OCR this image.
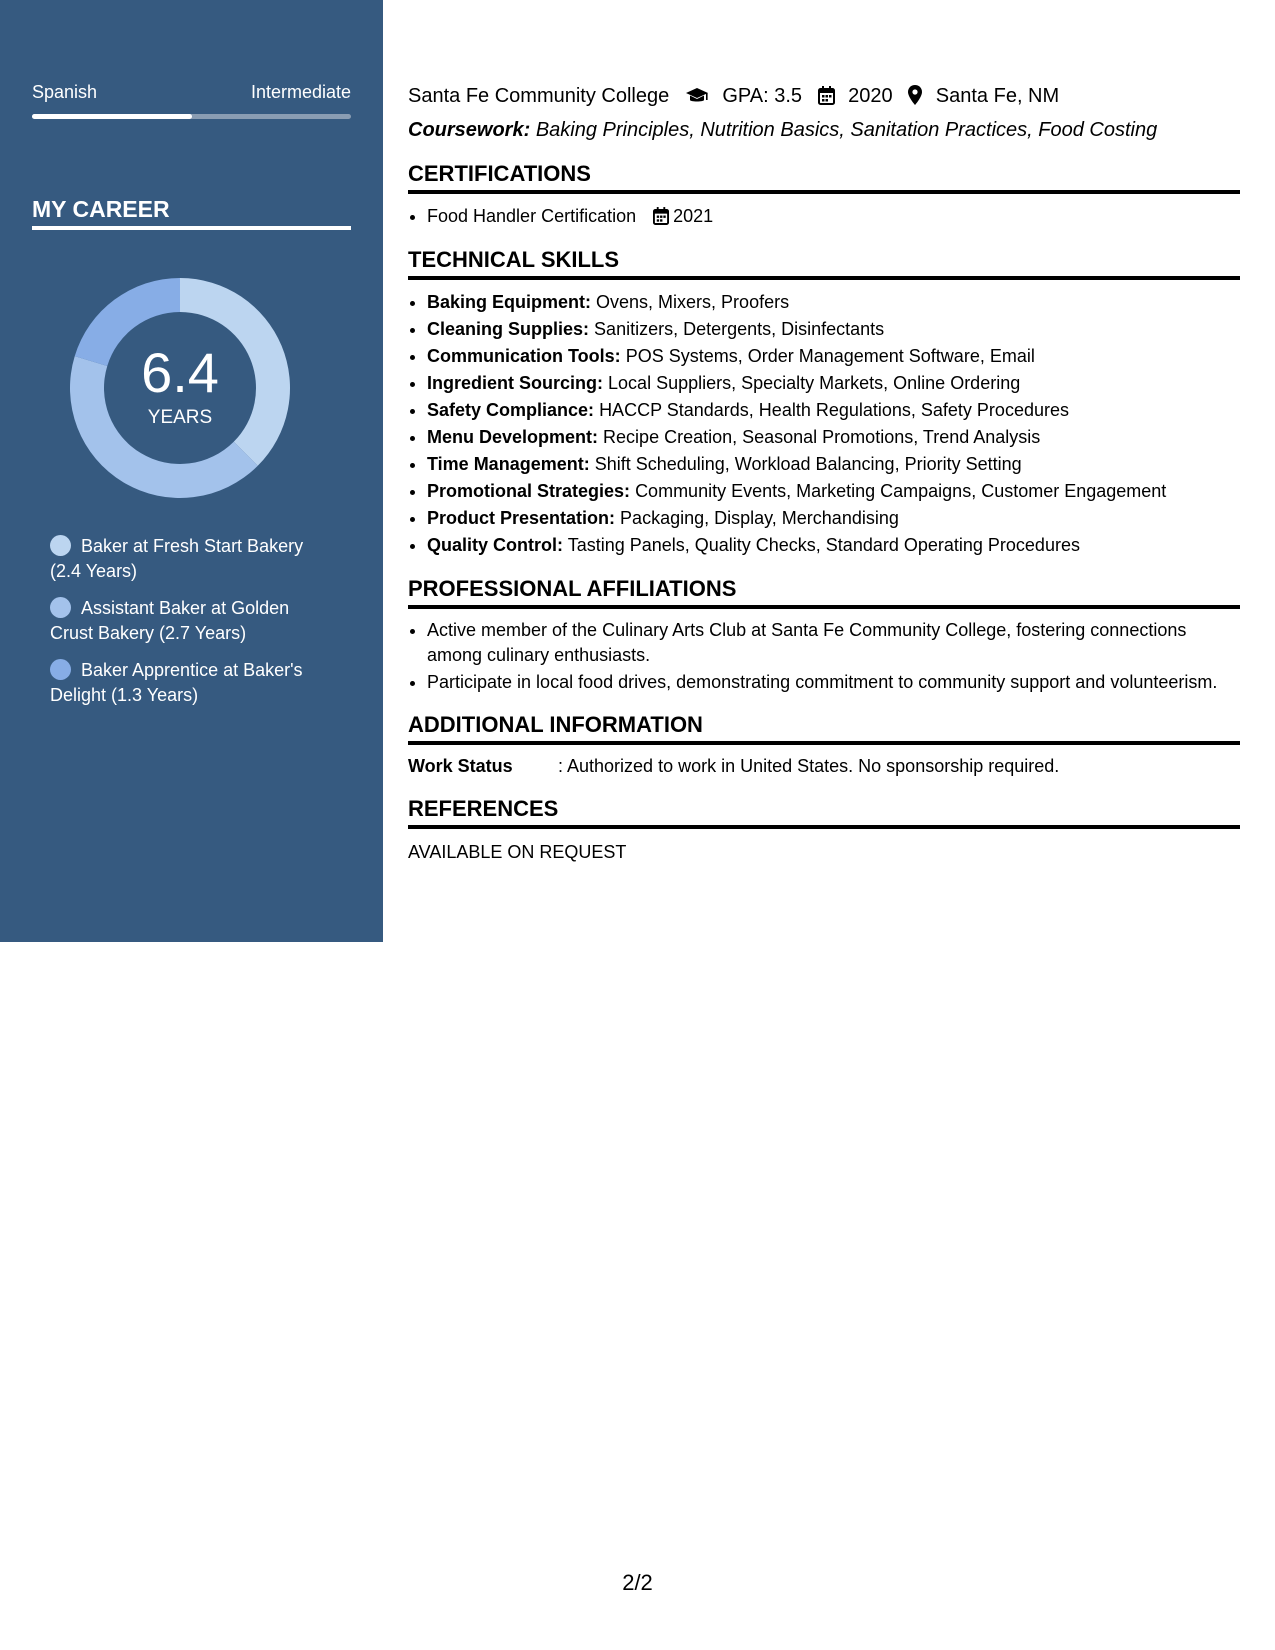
Spanish	Intermediate
MY CAREER
6.4
YEARS
Baker at Fresh Start Bakery (2.4 Years)
Assistant Baker at Golden Crust Bakery (2.7 Years)
Baker Apprentice at Baker's Delight (1.3 Years)
Santa Fe Community College	GPA: 3.5 2020 Santa Fe, NM
Coursework: Baking Principles, Nutrition Basics, Sanitation Practices, Food Costing
CERTIFICATIONS
• Food Handler Certification 2021
TECHNICAL SKILLS
• Baking Equipment: Ovens, Mixers, Proofers
• Cleaning Supplies: Sanitizers, Detergents, Disinfectants
• Communication Tools: POS Systems, Order Management Software, Email
• Ingredient Sourcing: Local Suppliers, Specialty Markets, Online Ordering
• Safety Compliance: HACCP Standards, Health Regulations, Safety Procedures
• Menu Development: Recipe Creation, Seasonal Promotions, Trend Analysis
• Time Management: Shift Scheduling, Workload Balancing, Priority Setting
• Promotional Strategies: Community Events, Marketing Campaigns, Customer Engagement
• Product Presentation: Packaging, Display, Merchandising
• Quality Control: Tasting Panels, Quality Checks, Standard Operating Procedures
PROFESSIONAL AFFILIATIONS
• Active member of the Culinary Arts Club at Santa Fe Community College, fostering connections among culinary enthusiasts.
• Participate in local food drives, demonstrating commitment to community support and volunteerism.
ADDITIONAL INFORMATION
Work Status	: Authorized to work in United States. No sponsorship required.
REFERENCES
AVAILABLE ON REQUEST
2/2
